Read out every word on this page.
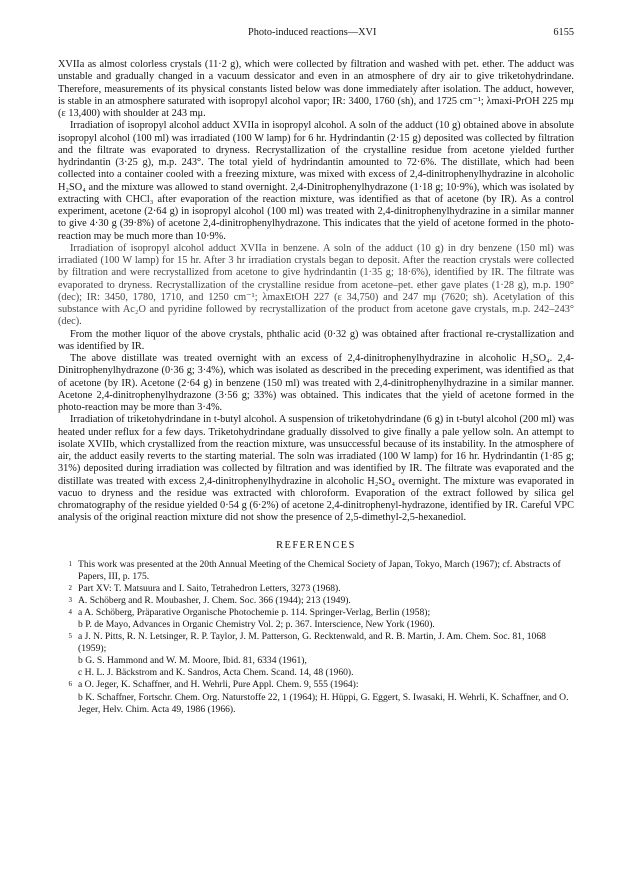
Photo-induced reactions—XVI	6155

XVIIa as almost colorless crystals (11·2 g), which were collected by filtration and washed with pet. ether. The adduct was unstable and gradually changed in a vacuum dessicator and even in an atmosphere of dry air to give triketohydrindane. Therefore, measurements of its physical constants listed below was done immediately after isolation. The adduct, however, is stable in an atmosphere saturated with isopropyl alcohol vapor; IR: 3400, 1760 (sh), and 1725 cm⁻¹; λmaxi-PrOH 225 mμ (ε 13,400) with shoulder at 243 mμ.

Irradiation of isopropyl alcohol adduct XVIIa in isopropyl alcohol. A soln of the adduct (10 g) obtained above in absolute isopropyl alcohol (100 ml) was irradiated (100 W lamp) for 6 hr. Hydrindantin (2·15 g) deposited was collected by filtration and the filtrate was evaporated to dryness. Recrystallization of the crystalline residue from acetone yielded further hydrindantin (3·25 g), m.p. 243°. The total yield of hydrindantin amounted to 72·6%. The distillate, which had been collected into a container cooled with a freezing mixture, was mixed with excess of 2,4-dinitrophenylhydrazine in alcoholic H₂SO₄ and the mixture was allowed to stand overnight. 2,4-Dinitrophenylhydrazone (1·18 g; 10·9%), which was isolated by extracting with CHCl₃ after evaporation of the reaction mixture, was identified as that of acetone (by IR). As a control experiment, acetone (2·64 g) in isopropyl alcohol (100 ml) was treated with 2,4-dinitrophenylhydrazine in a similar manner to give 4·30 g (39·8%) of acetone 2,4-dinitrophenylhydrazone. This indicates that the yield of acetone formed in the photo-reaction may be much more than 10·9%.

Irradiation of isopropyl alcohol adduct XVIIa in benzene. A soln of the adduct (10 g) in dry benzene (150 ml) was irradiated (100 W lamp) for 15 hr. After 3 hr irradiation crystals began to deposit. After the reaction crystals were collected by filtration and were recrystallized from acetone to give hydrindantin (1·35 g; 18·6%), identified by IR. The filtrate was evaporated to dryness. Recrystallization of the crystalline residue from acetone–pet. ether gave plates (1·28 g), m.p. 190° (dec); IR: 3450, 1780, 1710, and 1250 cm⁻¹; λmaxEtOH 227 (ε 34,750) and 247 mμ (7620; sh). Acetylation of this substance with Ac₂O and pyridine followed by recrystallization of the product from acetone gave crystals, m.p. 242–243° (dec).

From the mother liquor of the above crystals, phthalic acid (0·32 g) was obtained after fractional re-crystallization and was identified by IR.

The above distillate was treated overnight with an excess of 2,4-dinitrophenylhydrazine in alcoholic H₂SO₄. 2,4-Dinitrophenylhydrazone (0·36 g; 3·4%), which was isolated as described in the preceding experiment, was identified as that of acetone (by IR). Acetone (2·64 g) in benzene (150 ml) was treated with 2,4-dinitrophenylhydrazine in a similar manner. Acetone 2,4-dinitrophenylhydrazone (3·56 g; 33%) was obtained. This indicates that the yield of acetone formed in the photo-reaction may be more than 3·4%.

Irradiation of triketohydrindane in t-butyl alcohol. A suspension of triketohydrindane (6 g) in t-butyl alcohol (200 ml) was heated under reflux for a few days. Triketohydrindane gradually dissolved to give finally a pale yellow soln. An attempt to isolate XVIIb, which crystallized from the reaction mixture, was unsuccessful because of its instability. In the atmosphere of air, the adduct easily reverts to the starting material. The soln was irradiated (100 W lamp) for 16 hr. Hydrindantin (1·85 g; 31%) deposited during irradiation was collected by filtration and was identified by IR. The filtrate was evaporated and the distillate was treated with excess 2,4-dinitrophenylhydrazine in alcoholic H₂SO₄ overnight. The mixture was evaporated in vacuo to dryness and the residue was extracted with chloroform. Evaporation of the extract followed by silica gel chromatography of the residue yielded 0·54 g (6·2%) of acetone 2,4-dinitrophenyl-hydrazone, identified by IR. Careful VPC analysis of the original reaction mixture did not show the presence of 2,5-dimethyl-2,5-hexanediol.

REFERENCES
1 This work was presented at the 20th Annual Meeting of the Chemical Society of Japan, Tokyo, March (1967); cf. Abstracts of Papers, III, p. 175.
2 Part XV: T. Matsuura and I. Saito, Tetrahedron Letters, 3273 (1968).
3 A. Schöberg and R. Moubasher, J. Chem. Soc. 366 (1944); 213 (1949).
4 a A. Schöberg, Präparative Organische Photochemie p. 114. Springer-Verlag, Berlin (1958);
b P. de Mayo, Advances in Organic Chemistry Vol. 2; p. 367. Interscience, New York (1960).
5 a J. N. Pitts, R. N. Letsinger, R. P. Taylor, J. M. Patterson, G. Recktenwald, and R. B. Martin, J. Am. Chem. Soc. 81, 1068 (1959);
b G. S. Hammond and W. M. Moore, Ibid. 81, 6334 (1961),
c H. L. J. Bäckstrom and K. Sandros, Acta Chem. Scand. 14, 48 (1960).
6 a O. Jeger, K. Schaffner, and H. Wehrli, Pure Appl. Chem. 9, 555 (1964):
b K. Schaffner, Fortschr. Chem. Org. Naturstoffe 22, 1 (1964); H. Hüppi, G. Eggert, S. Iwasaki, H. Wehrli, K. Schaffner, and O. Jeger, Helv. Chim. Acta 49, 1986 (1966).
